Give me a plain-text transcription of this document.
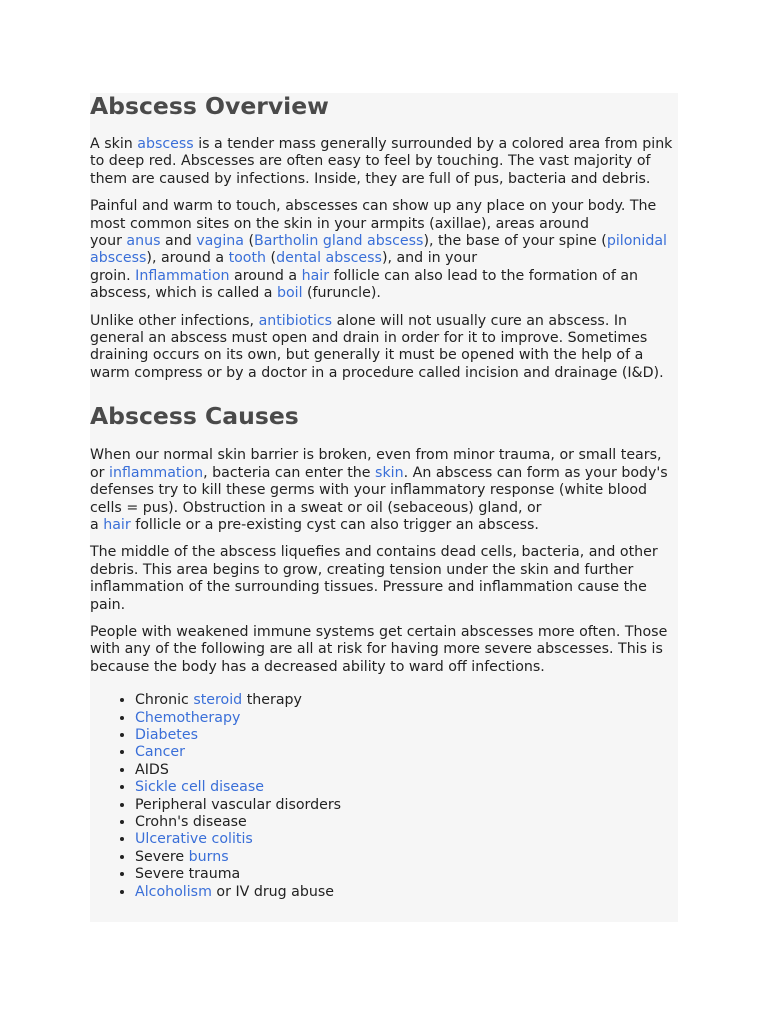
Abscess Overview

A skin abscess is a tender mass generally surrounded by a colored area from pink to deep red. Abscesses are often easy to feel by touching. The vast majority of them are caused by infections. Inside, they are full of pus, bacteria and debris.

Painful and warm to touch, abscesses can show up any place on your body. The most common sites on the skin in your armpits (axillae), areas around
your anus and vagina (Bartholin gland abscess), the base of your spine (pilonidal abscess), around a tooth (dental abscess), and in your
groin. Inflammation around a hair follicle can also lead to the formation of an abscess, which is called a boil (furuncle).

Unlike other infections, antibiotics alone will not usually cure an abscess. In general an abscess must open and drain in order for it to improve. Sometimes draining occurs on its own, but generally it must be opened with the help of a warm compress or by a doctor in a procedure called incision and drainage (I&D).

Abscess Causes

When our normal skin barrier is broken, even from minor trauma, or small tears, or inflammation, bacteria can enter the skin. An abscess can form as your body's defenses try to kill these germs with your inflammatory response (white blood cells = pus). Obstruction in a sweat or oil (sebaceous) gland, or
a hair follicle or a pre-existing cyst can also trigger an abscess.

The middle of the abscess liquefies and contains dead cells, bacteria, and other debris. This area begins to grow, creating tension under the skin and further inflammation of the surrounding tissues. Pressure and inflammation cause the pain.

People with weakened immune systems get certain abscesses more often. Those with any of the following are all at risk for having more severe abscesses. This is because the body has a decreased ability to ward off infections.

• Chronic steroid therapy
• Chemotherapy
• Diabetes
• Cancer
• AIDS
• Sickle cell disease
• Peripheral vascular disorders
• Crohn's disease
• Ulcerative colitis
• Severe burns
• Severe trauma
• Alcoholism or IV drug abuse
